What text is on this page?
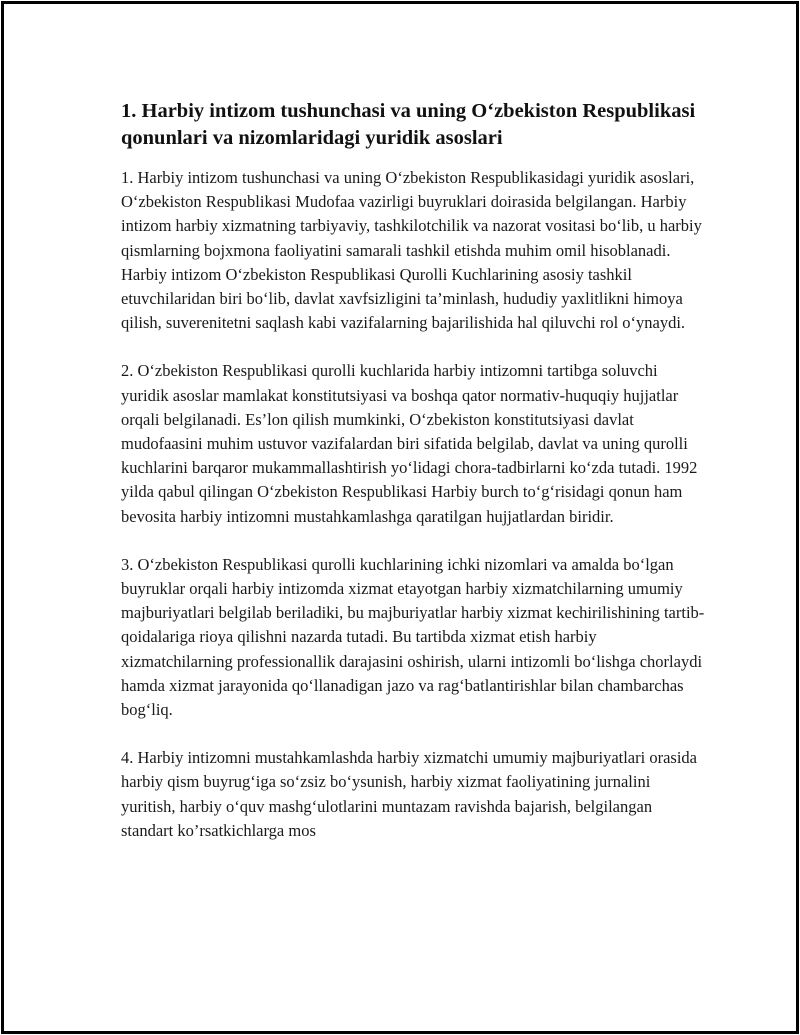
1. Harbiy intizom tushunchasi va uning O‘zbekiston Respublikasi qonunlari va nizomlaridagi yuridik asoslari

1. Harbiy intizom tushunchasi va uning O‘zbekiston Respublikasidagi yuridik asoslari, O‘zbekiston Respublikasi Mudofaa vazirligi buyruklari doirasida belgilangan. Harbiy intizom harbiy xizmatning tarbiyaviy, tashkilotchilik va nazorat vositasi bo‘lib, u harbiy qismlarning bojxmona faoliyatini samarali tashkil etishda muhim omil hisoblanadi. Harbiy intizom O‘zbekiston Respublikasi Qurolli Kuchlarining asosiy tashkil etuvchilaridan biri bo‘lib, davlat xavfsizligini ta’minlash, hududiy yaxlitlikni himoya qilish, suverenitetni saqlash kabi vazifalarning bajarilishida hal qiluvchi rol o‘ynaydi.

2. O‘zbekiston Respublikasi qurolli kuchlarida harbiy intizomni tartibga soluvchi yuridik asoslar mamlakat konstitutsiyasi va boshqa qator normativ-huquqiy hujjatlar orqali belgilanadi. Es’lon qilish mumkinki, O‘zbekiston konstitutsiyasi davlat mudofaasini muhim ustuvor vazifalardan biri sifatida belgilab, davlat va uning qurolli kuchlarini barqaror mukammallashtirish yo‘lidagi chora-tadbirlarni ko‘zda tutadi. 1992 yilda qabul qilingan O‘zbekiston Respublikasi Harbiy burch to‘g‘risidagi qonun ham bevosita harbiy intizomni mustahkamlashga qaratilgan hujjatlardan biridir.

3. O‘zbekiston Respublikasi qurolli kuchlarining ichki nizomlari va amalda bo‘lgan buyruklar orqali harbiy intizomda xizmat etayotgan harbiy xizmatchilarning umumiy majburiyatlari belgilab beriladiki, bu majburiyatlar harbiy xizmat kechirilishining tartib-qoidalariga rioya qilishni nazarda tutadi. Bu tartibda xizmat etish harbiy xizmatchilarning professionallik darajasini oshirish, ularni intizomli bo‘lishga chorlaydi hamda xizmat jarayonida qo‘llanadigan jazo va rag‘batlantirishlar bilan chambarchas bog‘liq.

4. Harbiy intizomni mustahkamlashda harbiy xizmatchi umumiy majburiyatlari orasida harbiy qism buyrug‘iga so‘zsiz bo‘ysunish, harbiy xizmat faoliyatining jurnalini yuritish, harbiy o‘quv mashg‘ulotlarini muntazam ravishda bajarish, belgilangan standart ko’rsatkichlarga mos
